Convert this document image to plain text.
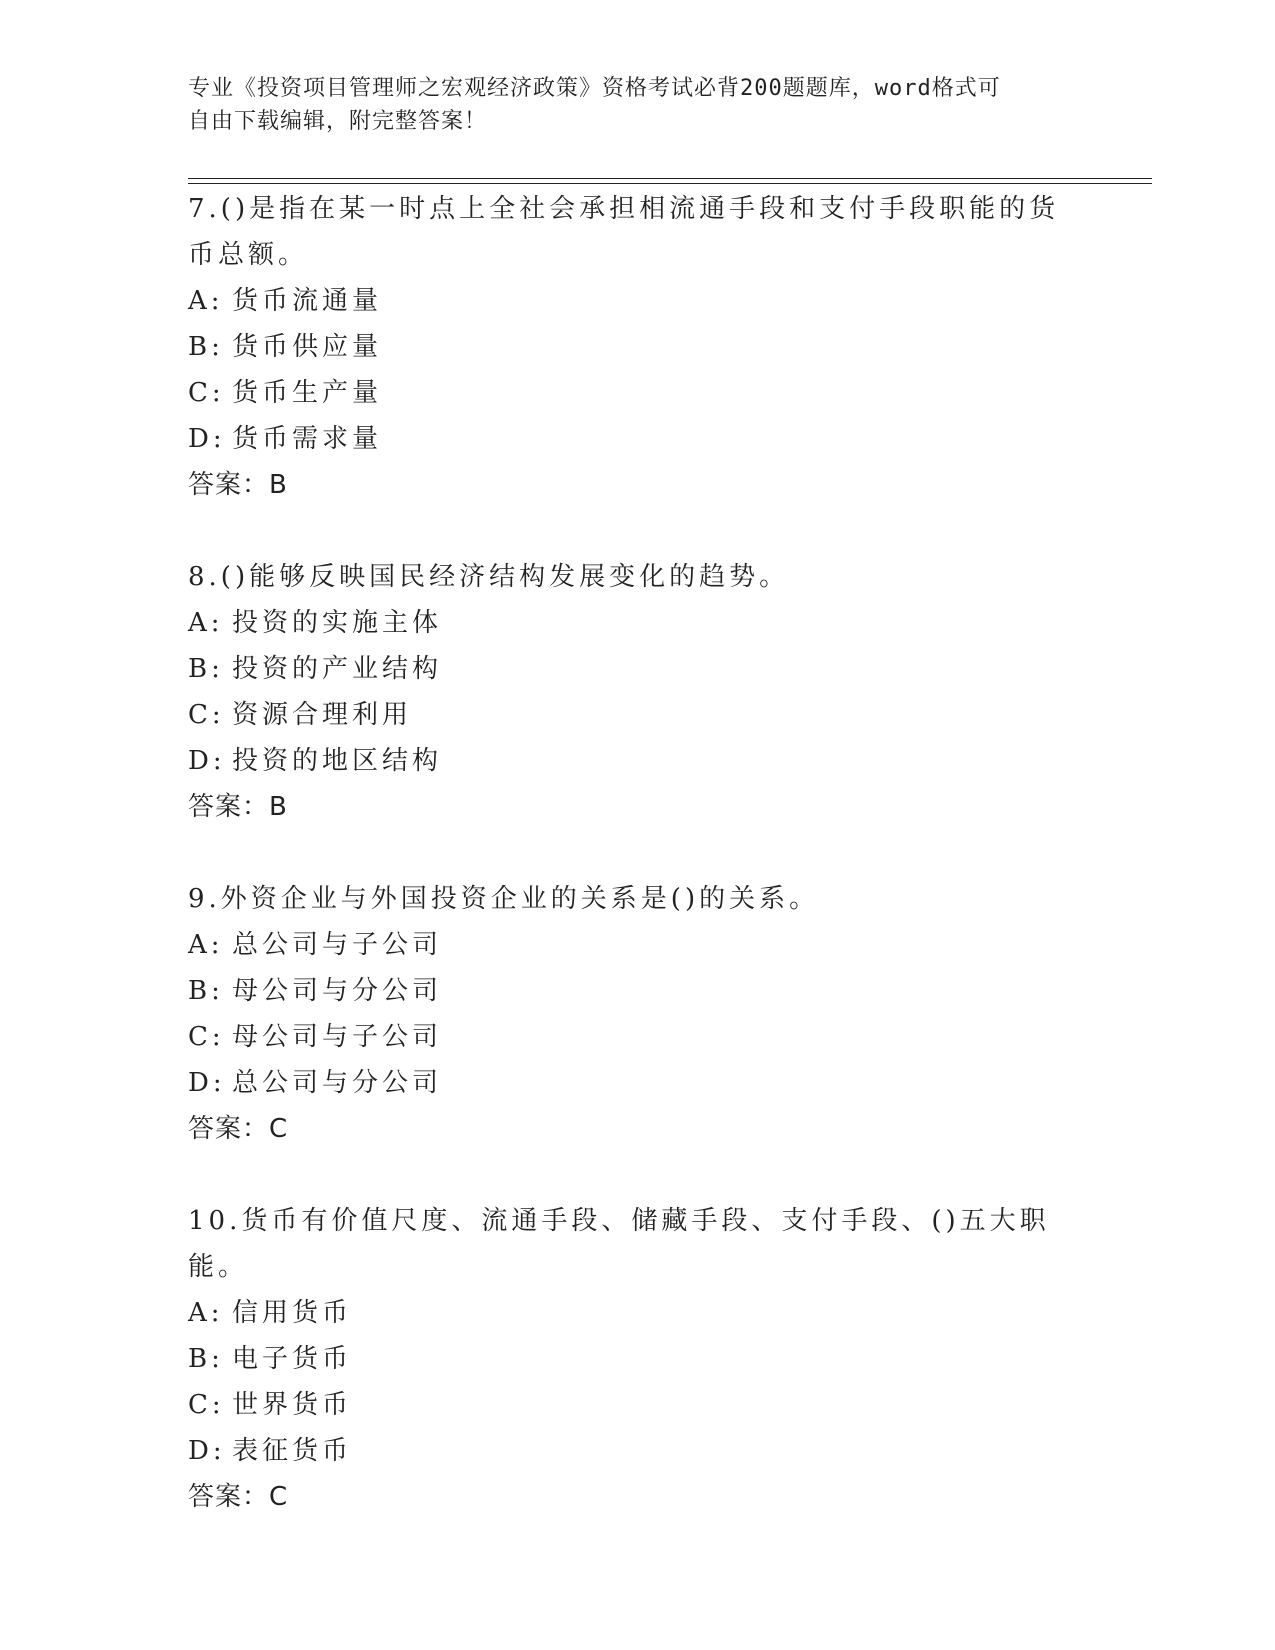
专业《投资项目管理师之宏观经济政策》资格考试必背200题题库，word格式可
自由下载编辑，附完整答案！

7.()是指在某一时点上全社会承担相流通手段和支付手段职能的货币总额。

A: 货币流通量

B: 货币供应量

C: 货币生产量

D: 货币需求量

答案：B

8.()能够反映国民经济结构发展变化的趋势。

A: 投资的实施主体

B: 投资的产业结构

C: 资源合理利用

D: 投资的地区结构

答案：B

9.外资企业与外国投资企业的关系是()的关系。

A: 总公司与子公司

B: 母公司与分公司

C: 母公司与子公司

D: 总公司与分公司

答案：C

10.货币有价值尺度、流通手段、储藏手段、支付手段、()五大职能。

A: 信用货币

B: 电子货币

C: 世界货币

D: 表征货币

答案：C
